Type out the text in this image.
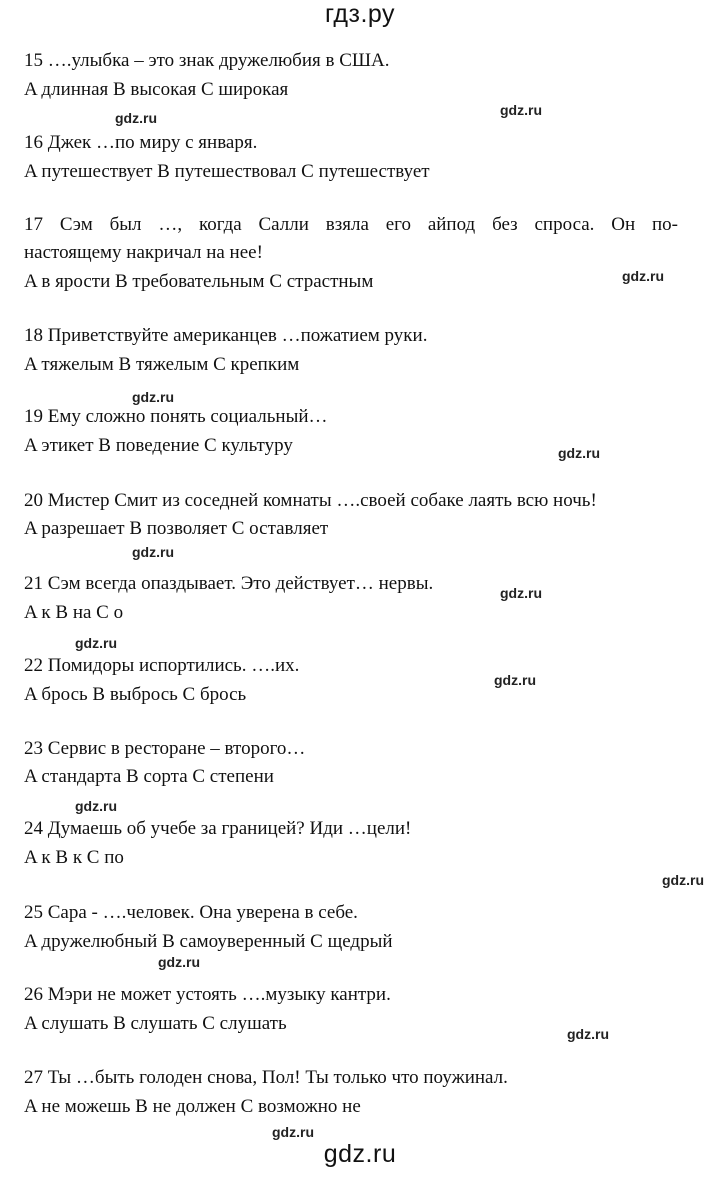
гдз.ру
15 ….улыбка – это знак дружелюбия в США.
A длинная B высокая C широкая
gdz.ru
gdz.ru
16 Джек …по миру с января.
A путешествует B путешествовал C путешествует
17 Сэм был …, когда Салли взяла его айпод без спроса. Он по-
настоящему накричал на нее!
A в ярости B требовательным C страстным	gdz.ru
18 Приветствуйте американцев …пожатием руки.
A тяжелым B тяжелым C крепким
gdz.ru
19 Ему сложно понять социальный…
A этикет B поведение C культуру	gdz.ru
20 Мистер Смит из соседней комнаты ….своей собаке лаять всю ночь!
A разрешает B позволяет C оставляет
gdz.ru
21 Сэм всегда опаздывает. Это действует… нервы.	gdz.ru
A к B на C о
gdz.ru
22 Помидоры испортились. ….их.
gdz.ru
A брось B выбрось C брось
23 Сервис в ресторане – второго…
A стандарта B сорта C степени
gdz.ru
24 Думаешь об учебе за границей? Иди …цели!
A к B к C по
gdz.ru
25 Сара - ….человек. Она уверена в себе.
A дружелюбный B самоуверенный C щедрый
gdz.ru
26 Мэри не может устоять ….музыку кантри.
A слушать B слушать C слушать	gdz.ru
27 Ты …быть голоден снова, Пол! Ты только что поужинал.
A не можешь B не должен C возможно не
gdz.ru
gdz.ru
